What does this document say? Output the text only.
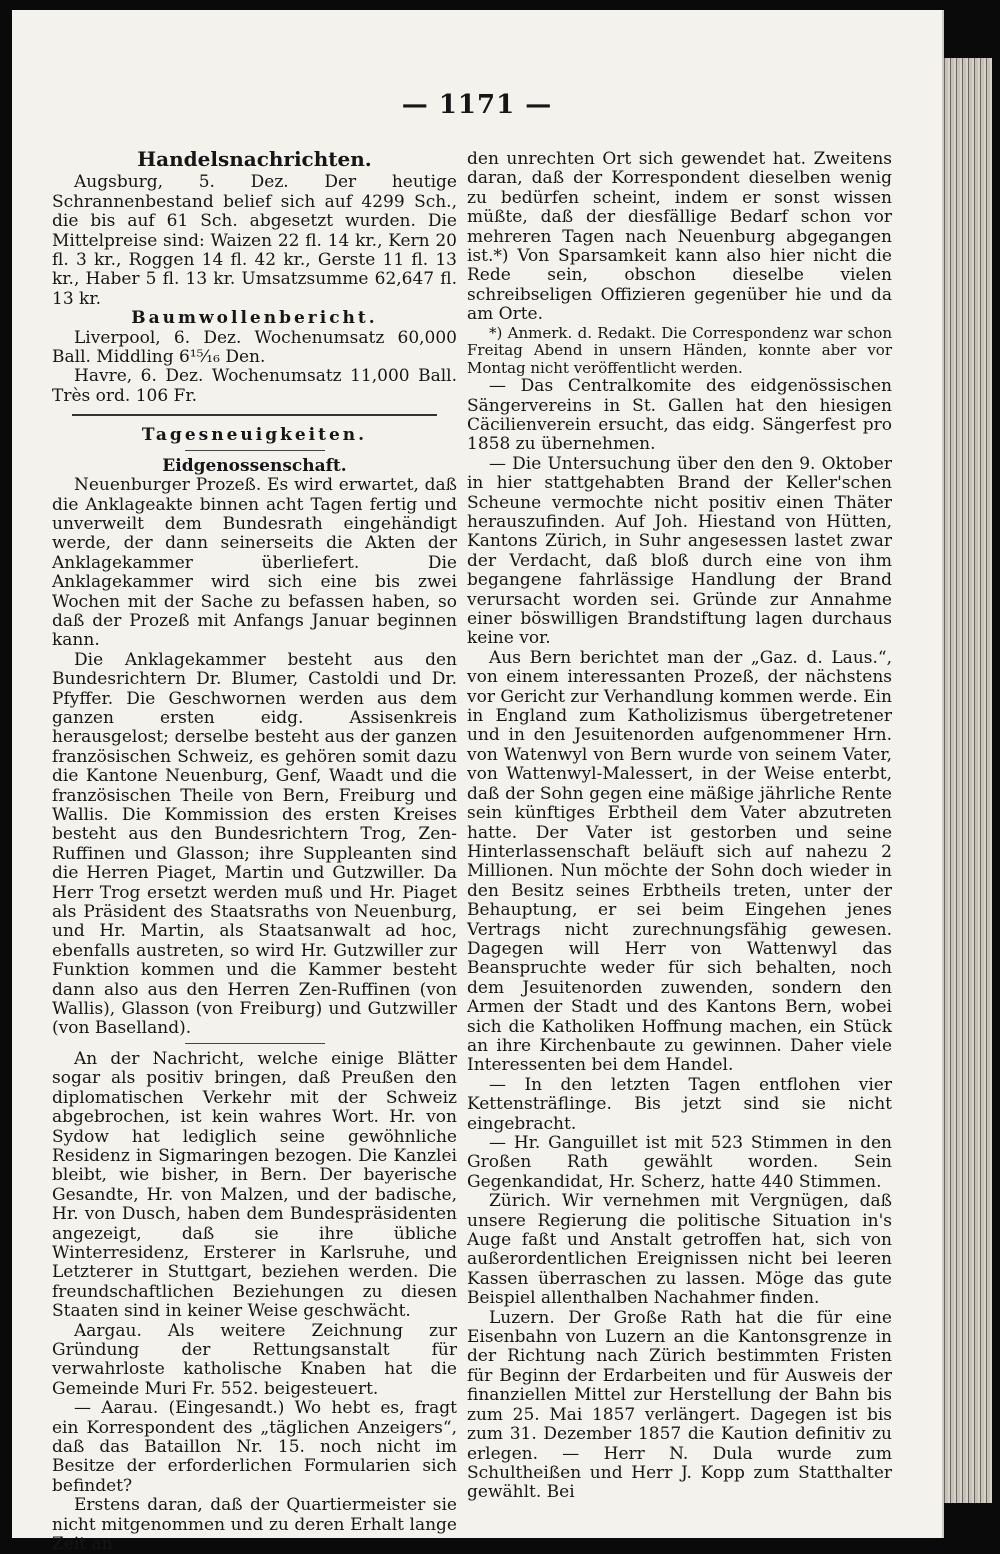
— 1171 —

Handelsnachrichten.

Augsburg, 5. Dez. Der heutige Schrannenbestand belief sich auf 4299 Sch., die bis auf 61 Sch. abgesetzt wurden. Die Mittelpreise sind: Waizen 22 fl. 14 kr., Kern 20 fl. 3 kr., Roggen 14 fl. 42 kr., Gerste 11 fl. 13 kr., Haber 5 fl. 13 kr. Umsatzsumme 62,647 fl. 13 kr.

Baumwollenbericht.

Liverpool, 6. Dez. Wochenumsatz 60,000 Ball. Middling 6¹⁵⁄₁₆ Den.

Havre, 6. Dez. Wochenumsatz 11,000 Ball. Très ord. 106 Fr.

Tagesneuigkeiten.

Eidgenossenschaft.

Neuenburger Prozeß. Es wird erwartet, daß die Anklageakte binnen acht Tagen fertig und unverweilt dem Bundesrath eingehändigt werde, der dann seinerseits die Akten der Anklagekammer überliefert. Die Anklagekammer wird sich eine bis zwei Wochen mit der Sache zu befassen haben, so daß der Prozeß mit Anfangs Januar beginnen kann.

Die Anklagekammer besteht aus den Bundesrichtern Dr. Blumer, Castoldi und Dr. Pfyffer. Die Geschwornen werden aus dem ganzen ersten eidg. Assisenkreis herausgelost; derselbe besteht aus der ganzen französischen Schweiz, es gehören somit dazu die Kantone Neuenburg, Genf, Waadt und die französischen Theile von Bern, Freiburg und Wallis. Die Kommission des ersten Kreises besteht aus den Bundesrichtern Trog, Zen-Ruffinen und Glasson; ihre Suppleanten sind die Herren Piaget, Martin und Gutzwiller. Da Herr Trog ersetzt werden muß und Hr. Piaget als Präsident des Staatsraths von Neuenburg, und Hr. Martin, als Staatsanwalt ad hoc, ebenfalls austreten, so wird Hr. Gutzwiller zur Funktion kommen und die Kammer besteht dann also aus den Herren Zen-Ruffinen (von Wallis), Glasson (von Freiburg) und Gutzwiller (von Baselland).

An der Nachricht, welche einige Blätter sogar als positiv bringen, daß Preußen den diplomatischen Verkehr mit der Schweiz abgebrochen, ist kein wahres Wort. Hr. von Sydow hat lediglich seine gewöhnliche Residenz in Sigmaringen bezogen. Die Kanzlei bleibt, wie bisher, in Bern. Der bayerische Gesandte, Hr. von Malzen, und der badische, Hr. von Dusch, haben dem Bundespräsidenten angezeigt, daß sie ihre übliche Winterresidenz, Ersterer in Karlsruhe, und Letzterer in Stuttgart, beziehen werden. Die freundschaftlichen Beziehungen zu diesen Staaten sind in keiner Weise geschwächt.

Aargau. Als weitere Zeichnung zur Gründung der Rettungsanstalt für verwahrloste katholische Knaben hat die Gemeinde Muri Fr. 552. beigesteuert.

— Aarau. (Eingesandt.) Wo hebt es, fragt ein Korrespondent des „täglichen Anzeigers“, daß das Bataillon Nr. 15. noch nicht im Besitze der erforderlichen Formularien sich befindet?

Erstens daran, daß der Quartiermeister sie nicht mitgenommen und zu deren Erhalt lange Zeit an

den unrechten Ort sich gewendet hat. Zweitens daran, daß der Korrespondent dieselben wenig zu bedürfen scheint, indem er sonst wissen müßte, daß der diesfällige Bedarf schon vor mehreren Tagen nach Neuenburg abgegangen ist.*) Von Sparsamkeit kann also hier nicht die Rede sein, obschon dieselbe vielen schreibseligen Offizieren gegenüber hie und da am Orte.

*) Anmerk. d. Redakt. Die Correspondenz war schon Freitag Abend in unsern Händen, konnte aber vor Montag nicht veröffentlicht werden.

— Das Centralkomite des eidgenössischen Sängervereins in St. Gallen hat den hiesigen Cäcilienverein ersucht, das eidg. Sängerfest pro 1858 zu übernehmen.

— Die Untersuchung über den den 9. Oktober in hier stattgehabten Brand der Keller'schen Scheune vermochte nicht positiv einen Thäter herauszufinden. Auf Joh. Hiestand von Hütten, Kantons Zürich, in Suhr angesessen lastet zwar der Verdacht, daß bloß durch eine von ihm begangene fahrlässige Handlung der Brand verursacht worden sei. Gründe zur Annahme einer böswilligen Brandstiftung lagen durchaus keine vor.

Aus Bern berichtet man der „Gaz. d. Laus.“, von einem interessanten Prozeß, der nächstens vor Gericht zur Verhandlung kommen werde. Ein in England zum Katholizismus übergetretener und in den Jesuitenorden aufgenommener Hrn. von Watenwyl von Bern wurde von seinem Vater, von Wattenwyl-Malessert, in der Weise enterbt, daß der Sohn gegen eine mäßige jährliche Rente sein künftiges Erbtheil dem Vater abzutreten hatte. Der Vater ist gestorben und seine Hinterlassenschaft beläuft sich auf nahezu 2 Millionen. Nun möchte der Sohn doch wieder in den Besitz seines Erbtheils treten, unter der Behauptung, er sei beim Eingehen jenes Vertrags nicht zurechnungsfähig gewesen. Dagegen will Herr von Wattenwyl das Beanspruchte weder für sich behalten, noch dem Jesuitenorden zuwenden, sondern den Armen der Stadt und des Kantons Bern, wobei sich die Katholiken Hoffnung machen, ein Stück an ihre Kirchenbaute zu gewinnen. Daher viele Interessenten bei dem Handel.

— In den letzten Tagen entflohen vier Kettensträflinge. Bis jetzt sind sie nicht eingebracht.

— Hr. Ganguillet ist mit 523 Stimmen in den Großen Rath gewählt worden. Sein Gegenkandidat, Hr. Scherz, hatte 440 Stimmen.

Zürich. Wir vernehmen mit Vergnügen, daß unsere Regierung die politische Situation in's Auge faßt und Anstalt getroffen hat, sich von außerordentlichen Ereignissen nicht bei leeren Kassen überraschen zu lassen. Möge das gute Beispiel allenthalben Nachahmer finden.

Luzern. Der Große Rath hat die für eine Eisenbahn von Luzern an die Kantonsgrenze in der Richtung nach Zürich bestimmten Fristen für Beginn der Erdarbeiten und für Ausweis der finanziellen Mittel zur Herstellung der Bahn bis zum 25. Mai 1857 verlängert. Dagegen ist bis zum 31. Dezember 1857 die Kaution definitiv zu erlegen. — Herr N. Dula wurde zum Schultheißen und Herr J. Kopp zum Statthalter gewählt. Bei
